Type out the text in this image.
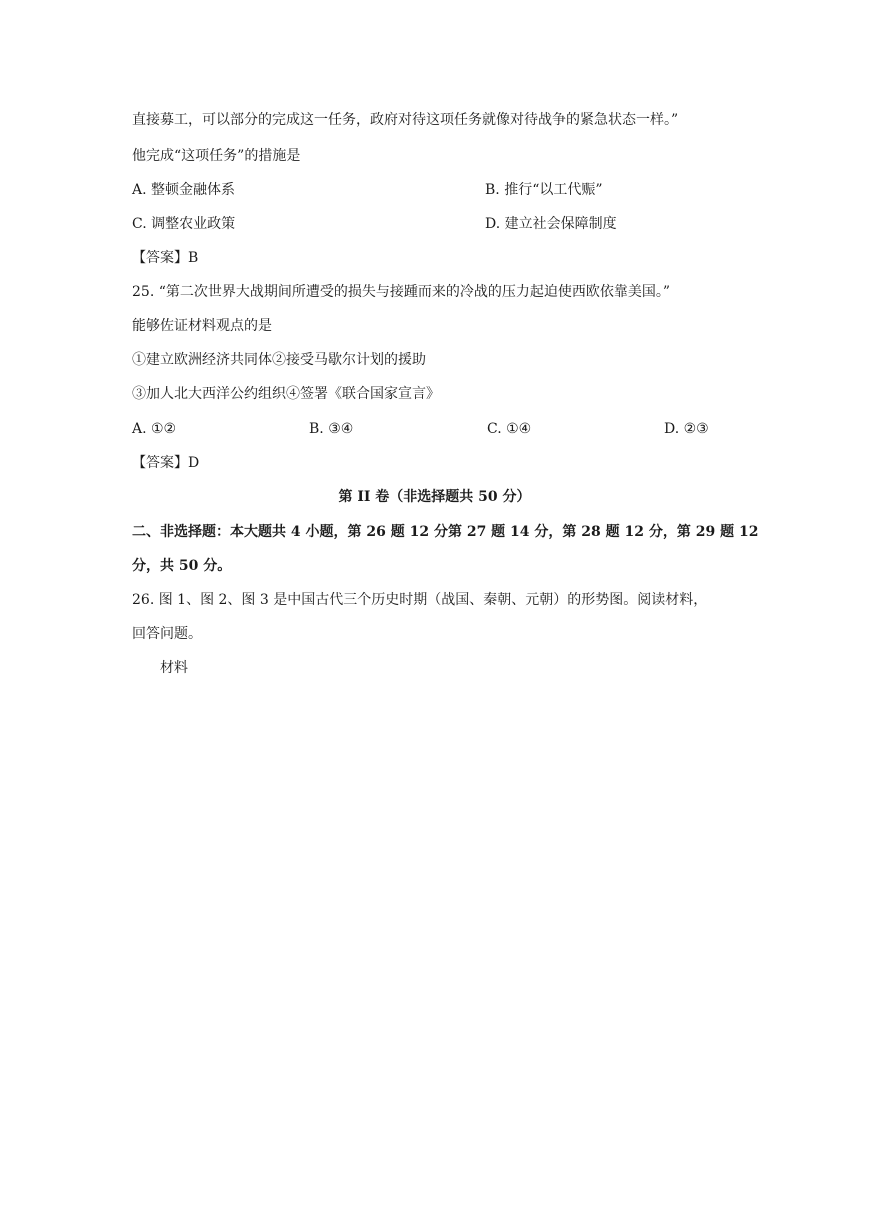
直接募工，可以部分的完成这一任务，政府对待这项任务就像对待战争的紧急状态一样。”
他完成“这项任务”的措施是
A. 整顿金融体系	B. 推行“以工代赈”
C. 调整农业政策	D. 建立社会保障制度
【答案】B
25. “第二次世界大战期间所遭受的损失与接踵而来的冷战的压力起迫使西欧依靠美国。”
能够佐证材料观点的是
①建立欧洲经济共同体②接受马歇尔计划的援助
③加人北大西洋公约组织④签署《联合国家宣言》
A. ①②	B. ③④	C. ①④	D. ②③
【答案】D
第 II 卷（非选择题共 50 分）
二、非选择题：本大题共 4 小题，第 26 题 12 分第 27 题 14 分，第 28 题 12 分，第 29 题 12
分，共 50 分。
26. 图 1、图 2、图 3 是中国古代三个历史时期（战国、秦朝、元朝）的形势图。阅读材料，
回答问题。
材料
